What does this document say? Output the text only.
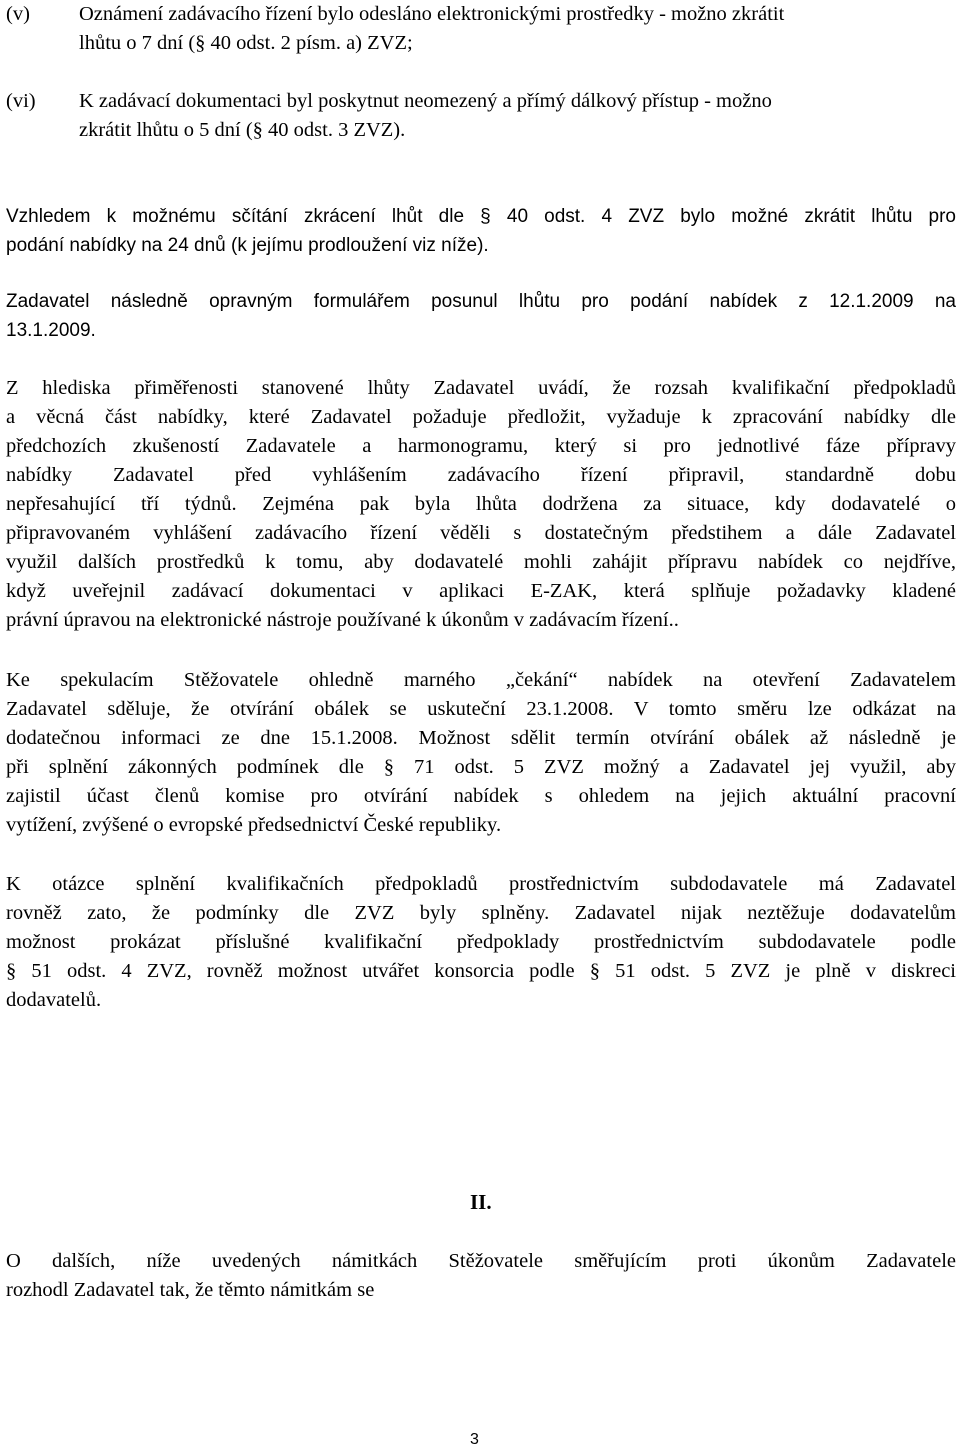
(v) Oznámení zadávacího řízení bylo odesláno elektronickými prostředky - možno zkrátit
lhůtu o 7 dní (§ 40 odst. 2 písm. a) ZVZ;
(vi) K zadávací dokumentaci byl poskytnut neomezený a přímý dálkový přístup - možno
zkrátit lhůtu o 5 dní (§ 40 odst. 3 ZVZ).
Vzhledem k možnému sčítání zkrácení lhůt dle § 40 odst. 4 ZVZ bylo možné zkrátit lhůtu pro
podání nabídky na 24 dnů (k jejímu prodloužení viz níže).
Zadavatel následně opravným formulářem posunul lhůtu pro podání nabídek z 12.1.2009 na
13.1.2009.
Z hlediska přiměřenosti stanovené lhůty Zadavatel uvádí, že rozsah kvalifikační předpokladů
a věcná část nabídky, které Zadavatel požaduje předložit, vyžaduje k zpracování nabídky dle
předchozích zkušeností Zadavatele a harmonogramu, který si pro jednotlivé fáze přípravy
nabídky Zadavatel před vyhlášením zadávacího řízení připravil, standardně dobu
nepřesahující tří týdnů. Zejména pak byla lhůta dodržena za situace, kdy dodavatelé o
připravovaném vyhlášení zadávacího řízení věděli s dostatečným předstihem a dále Zadavatel
využil dalších prostředků k tomu, aby dodavatelé mohli zahájit přípravu nabídek co nejdříve,
když uveřejnil zadávací dokumentaci v aplikaci E-ZAK, která splňuje požadavky kladené
právní úpravou na elektronické nástroje používané k úkonům v zadávacím řízení..
Ke spekulacím Stěžovatele ohledně marného „čekání“ nabídek na otevření Zadavatelem
Zadavatel sděluje, že otvírání obálek se uskuteční 23.1.2008. V tomto směru lze odkázat na
dodatečnou informaci ze dne 15.1.2008. Možnost sdělit termín otvírání obálek až následně je
při splnění zákonných podmínek dle § 71 odst. 5 ZVZ možný a Zadavatel jej využil, aby
zajistil účast členů komise pro otvírání nabídek s ohledem na jejich aktuální pracovní
vytížení, zvýšené o evropské předsednictví České republiky.
K otázce splnění kvalifikačních předpokladů prostřednictvím subdodavatele má Zadavatel
rovněž zato, že podmínky dle ZVZ byly splněny. Zadavatel nijak neztěžuje dodavatelům
možnost prokázat příslušné kvalifikační předpoklady prostřednictvím subdodavatele podle
§ 51 odst. 4 ZVZ, rovněž možnost utvářet konsorcia podle § 51 odst. 5 ZVZ je plně v diskreci
dodavatelů.
II.
O dalších, níže uvedených námitkách Stěžovatele směřujícím proti úkonům Zadavatele
rozhodl Zadavatel tak, že těmto námitkám se
3
